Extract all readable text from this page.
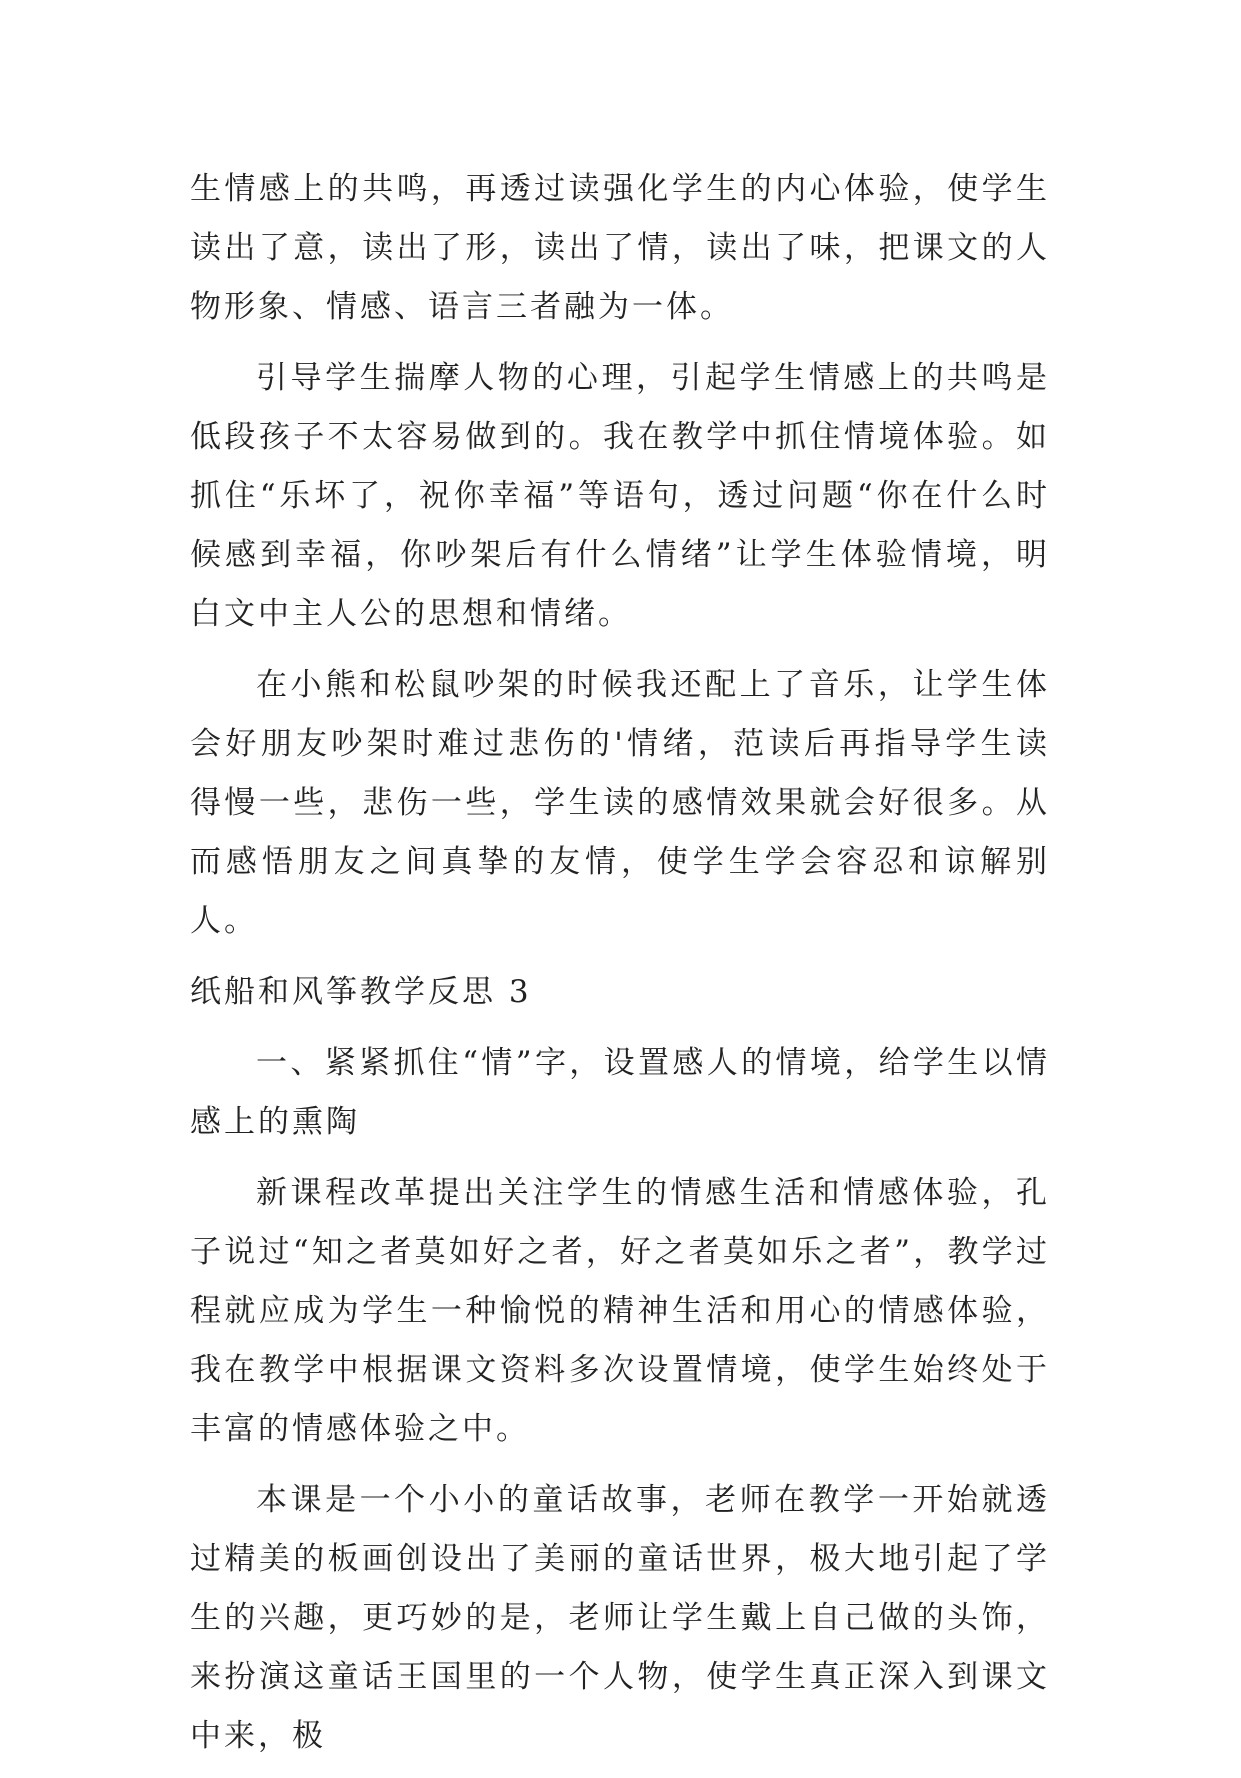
生情感上的共鸣，再透过读强化学生的内心体验，使学生读出了意，读出了形，读出了情，读出了味，把课文的人物形象、情感、语言三者融为一体。

引导学生揣摩人物的心理，引起学生情感上的共鸣是低段孩子不太容易做到的。我在教学中抓住情境体验。如抓住“乐坏了，祝你幸福”等语句，透过问题“你在什么时候感到幸福，你吵架后有什么情绪”让学生体验情境，明白文中主人公的思想和情绪。

在小熊和松鼠吵架的时候我还配上了音乐，让学生体会好朋友吵架时难过悲伤的'情绪，范读后再指导学生读得慢一些，悲伤一些，学生读的感情效果就会好很多。从而感悟朋友之间真挚的友情，使学生学会容忍和谅解别人。

纸船和风筝教学反思 3

一、紧紧抓住“情”字，设置感人的情境，给学生以情感上的熏陶

新课程改革提出关注学生的情感生活和情感体验，孔子说过“知之者莫如好之者，好之者莫如乐之者”，教学过程就应成为学生一种愉悦的精神生活和用心的情感体验，我在教学中根据课文资料多次设置情境，使学生始终处于丰富的情感体验之中。

本课是一个小小的童话故事，老师在教学一开始就透过精美的板画创设出了美丽的童话世界，极大地引起了学生的兴趣，更巧妙的是，老师让学生戴上自己做的头饰，来扮演这童话王国里的一个人物，使学生真正深入到课文中来，极
